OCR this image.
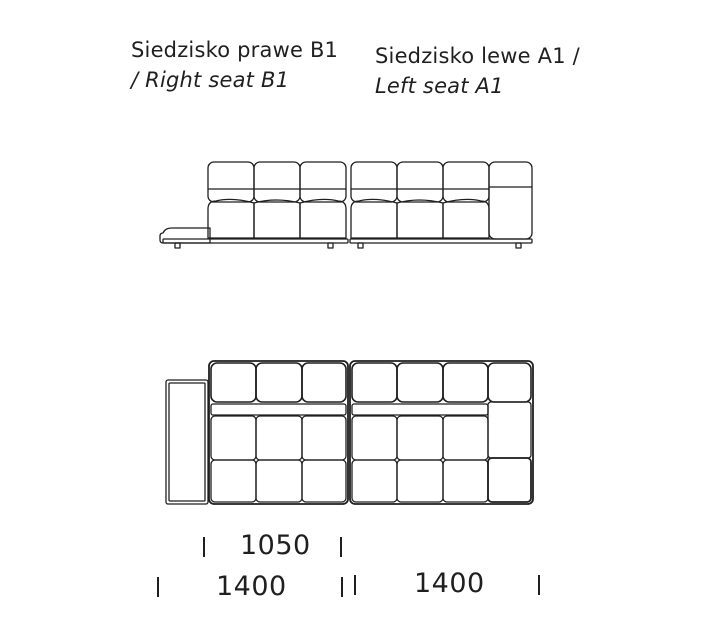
Siedzisko prawe B1
/ Right seat B1
Siedzisko lewe A1 /
Left seat A1
1050
1400	1400
